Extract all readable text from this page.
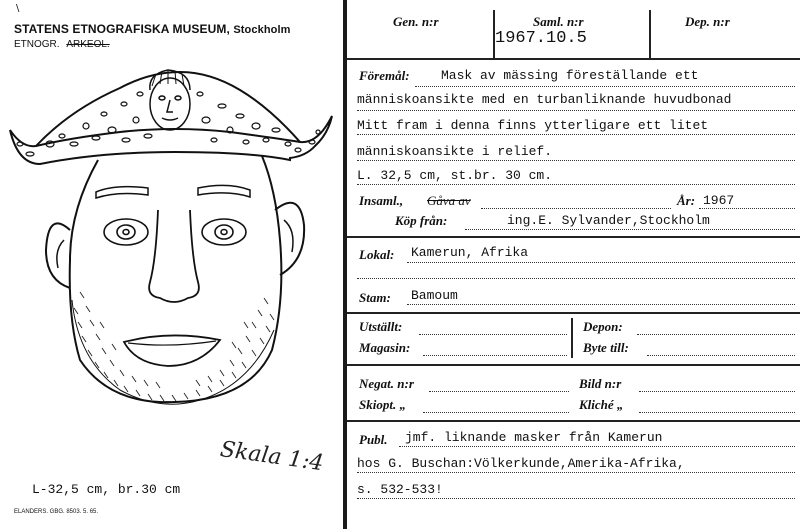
\
STATENS ETNOGRAFISKA MUSEUM, Stockholm
ETNOGR. ARKEOL.
Skala 1:4
L-32,5 cm, br.30 cm
ELANDERS. GBG. 8503. 5. 65.
Gen. n:r	Saml. n:r
1967.10.5
Dep. n:r
Föremål: Mask av mässing föreställande ett
människoansikte med en turbanliknande huvudbonad
Mitt fram i denna finns ytterligare ett litet
människoansikte i relief.
L. 32,5 cm, st.br. 30 cm.
Insaml., Gåva av	År: 1967
Köp från:	ing.E. Sylvander,Stockholm
Lokal: Kamerun, Afrika
Stam: Bamoum
Utställt:
Magasin:
Depon:
Byte till:
Negat. n:r	Bild n:r
Skiopt. „	Kliché „
Publ. jmf. liknande masker från Kamerun
hos G. Buschan:Völkerkunde,Amerika-Afrika,
s. 532-533!
